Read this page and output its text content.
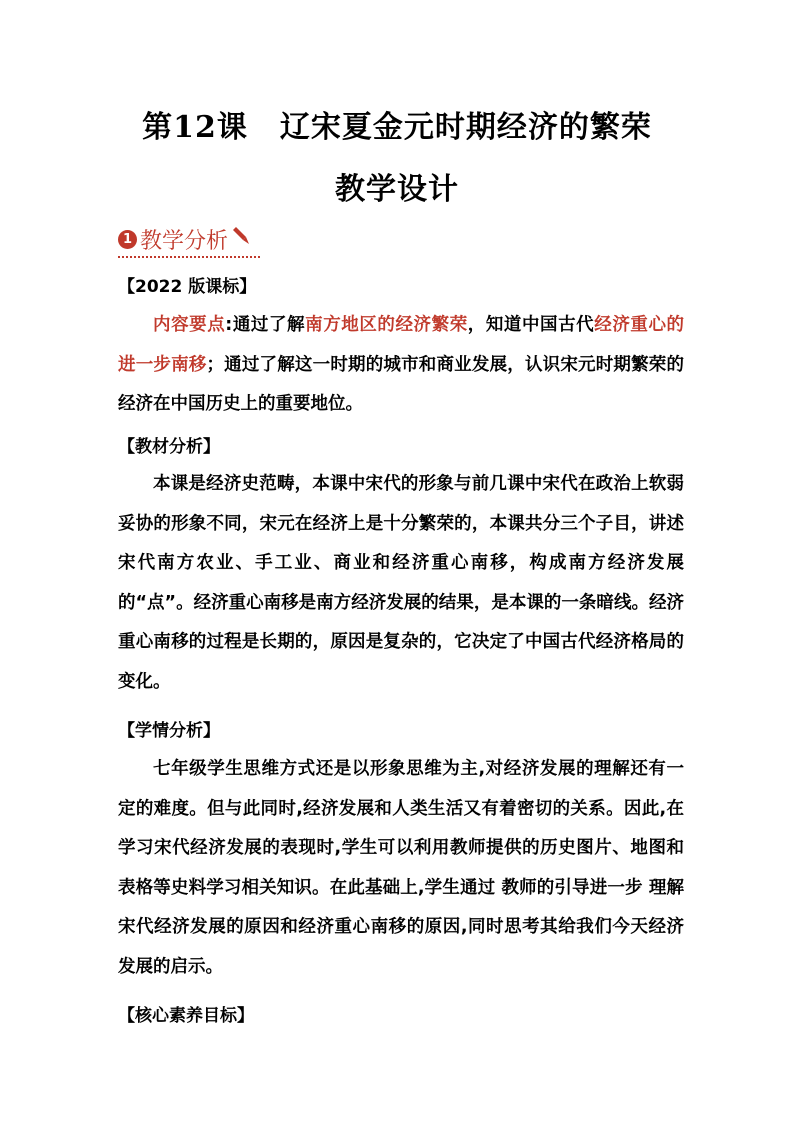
第12课 辽宋夏金元时期经济的繁荣
教学设计
1 教学分析
【2022 版课标】

内容要点:通过了解南方地区的经济繁荣，知道中国古代经济重心的进一步南移；通过了解这一时期的城市和商业发展，认识宋元时期繁荣的经济在中国历史上的重要地位。

【教材分析】

本课是经济史范畴，本课中宋代的形象与前几课中宋代在政治上软弱妥协的形象不同，宋元在经济上是十分繁荣的，本课共分三个子目，讲述宋代南方农业、手工业、商业和经济重心南移，构成南方经济发展的“点”。经济重心南移是南方经济发展的结果，是本课的一条暗线。经济重心南移的过程是长期的，原因是复杂的，它决定了中国古代经济格局的变化。

【学情分析】

七年级学生思维方式还是以形象思维为主,对经济发展的理解还有一定的难度。但与此同时,经济发展和人类生活又有着密切的关系。因此,在学习宋代经济发展的表现时,学生可以利用教师提供的历史图片、地图和表格等史料学习相关知识。在此基础上,学生通过 教师的引导进一步 理解宋代经济发展的原因和经济重心南移的原因,同时思考其给我们今天经济发展的启示。

【核心素养目标】
